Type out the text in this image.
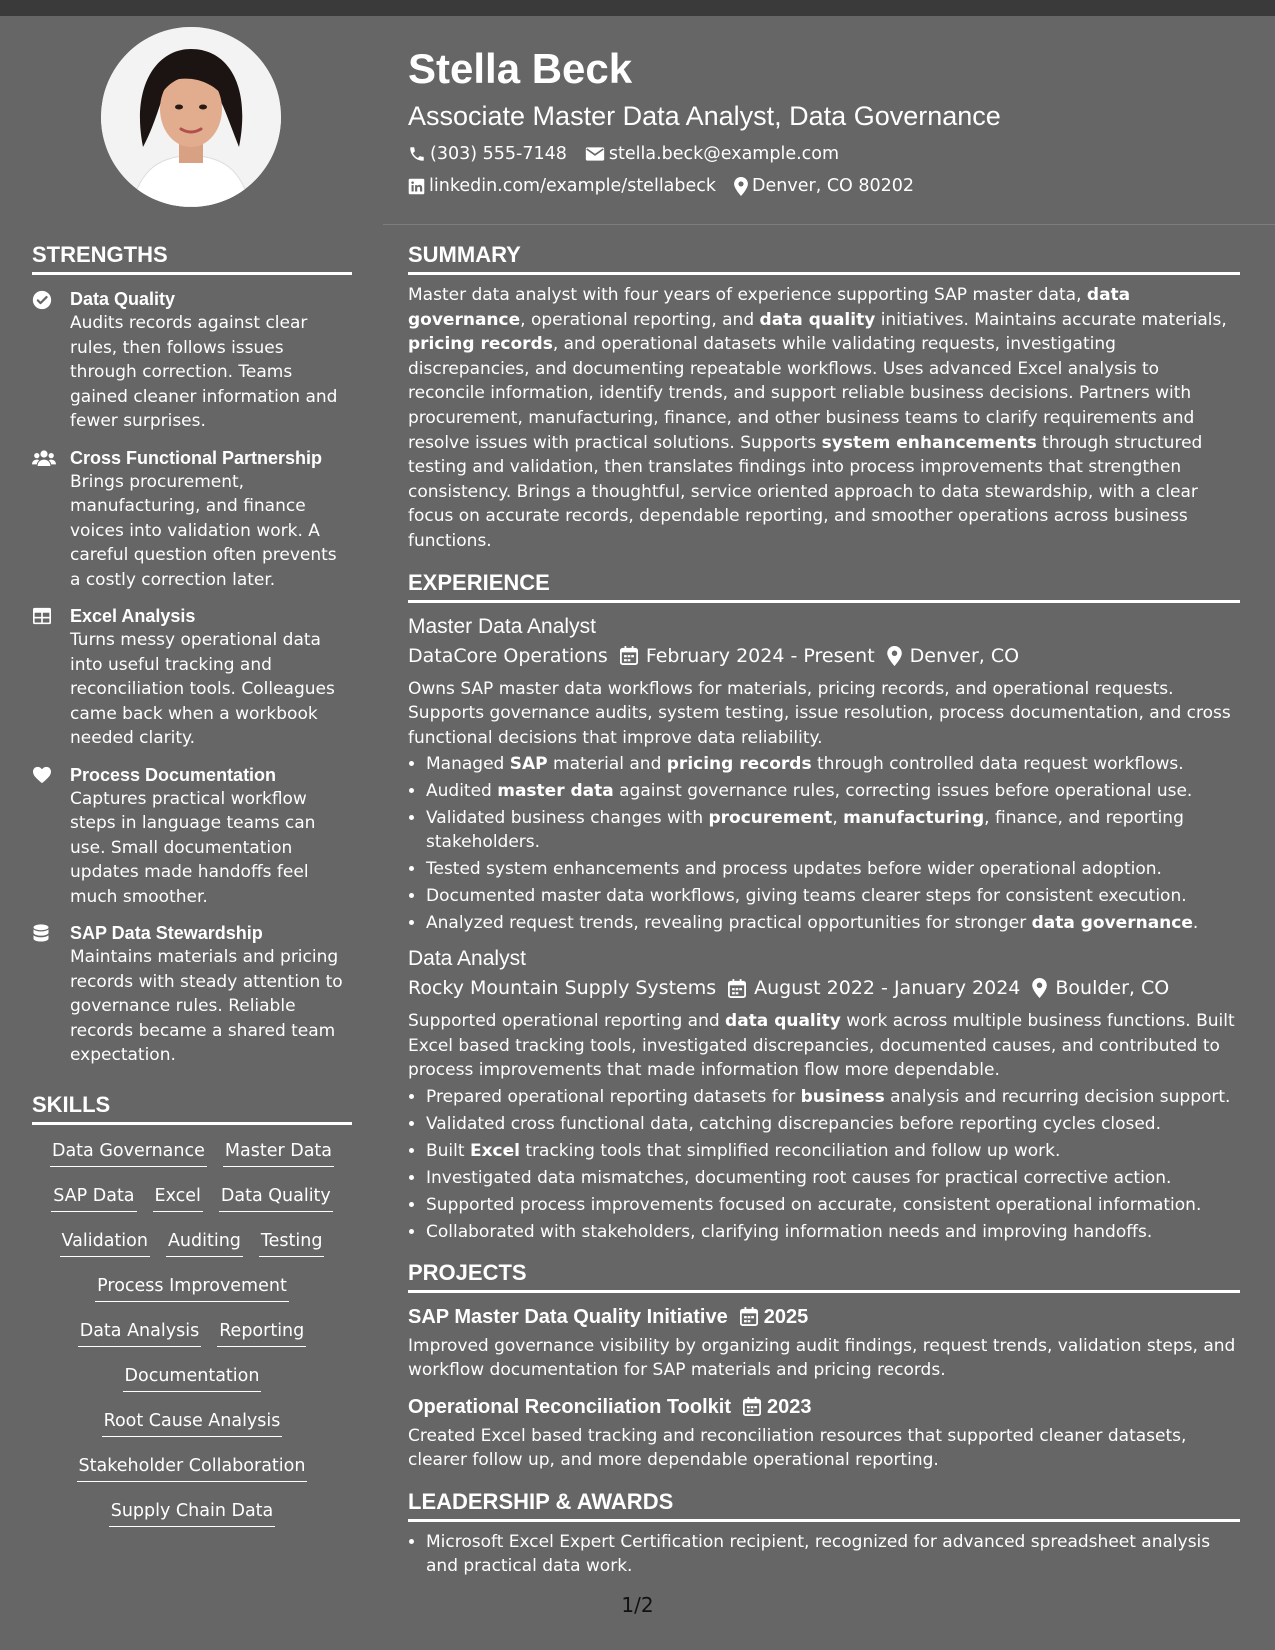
Stella Beck
Associate Master Data Analyst, Data Governance
(303) 555-7148 stella.beck@example.com
linkedin.com/example/stellabeck Denver, CO 80202
STRENGTHS
Data Quality
Audits records against clear rules, then follows issues through correction. Teams gained cleaner information and fewer surprises.
Cross Functional Partnership
Brings procurement, manufacturing, and finance voices into validation work. A careful question often prevents a costly correction later.
Excel Analysis
Turns messy operational data into useful tracking and reconciliation tools. Colleagues came back when a workbook needed clarity.
Process Documentation
Captures practical workflow steps in language teams can use. Small documentation updates made handoffs feel much smoother.
SAP Data Stewardship
Maintains materials and pricing records with steady attention to governance rules. Reliable records became a shared team expectation.
SKILLS
Data Governance Master Data
SAP Data Excel Data Quality
Validation Auditing Testing
Process Improvement
Data Analysis Reporting
Documentation
Root Cause Analysis
Stakeholder Collaboration
Supply Chain Data
SUMMARY
Master data analyst with four years of experience supporting SAP master data, data governance, operational reporting, and data quality initiatives. Maintains accurate materials, pricing records, and operational datasets while validating requests, investigating discrepancies, and documenting repeatable workflows. Uses advanced Excel analysis to reconcile information, identify trends, and support reliable business decisions. Partners with procurement, manufacturing, finance, and other business teams to clarify requirements and resolve issues with practical solutions. Supports system enhancements through structured testing and validation, then translates findings into process improvements that strengthen consistency. Brings a thoughtful, service oriented approach to data stewardship, with a clear focus on accurate records, dependable reporting, and smoother operations across business functions.
EXPERIENCE
Master Data Analyst
DataCore Operations February 2024 - Present Denver, CO
Owns SAP master data workflows for materials, pricing records, and operational requests. Supports governance audits, system testing, issue resolution, process documentation, and cross functional decisions that improve data reliability.
• Managed SAP material and pricing records through controlled data request workflows.
• Audited master data against governance rules, correcting issues before operational use.
• Validated business changes with procurement, manufacturing, finance, and reporting stakeholders.
• Tested system enhancements and process updates before wider operational adoption.
• Documented master data workflows, giving teams clearer steps for consistent execution.
• Analyzed request trends, revealing practical opportunities for stronger data governance.
Data Analyst
Rocky Mountain Supply Systems August 2022 - January 2024 Boulder, CO
Supported operational reporting and data quality work across multiple business functions. Built Excel based tracking tools, investigated discrepancies, documented causes, and contributed to process improvements that made information flow more dependable.
• Prepared operational reporting datasets for business analysis and recurring decision support.
• Validated cross functional data, catching discrepancies before reporting cycles closed.
• Built Excel tracking tools that simplified reconciliation and follow up work.
• Investigated data mismatches, documenting root causes for practical corrective action.
• Supported process improvements focused on accurate, consistent operational information.
• Collaborated with stakeholders, clarifying information needs and improving handoffs.
PROJECTS
SAP Master Data Quality Initiative 2025
Improved governance visibility by organizing audit findings, request trends, validation steps, and workflow documentation for SAP materials and pricing records.
Operational Reconciliation Toolkit 2023
Created Excel based tracking and reconciliation resources that supported cleaner datasets, clearer follow up, and more dependable operational reporting.
LEADERSHIP & AWARDS
• Microsoft Excel Expert Certification recipient, recognized for advanced spreadsheet analysis and practical data work.
1/2
